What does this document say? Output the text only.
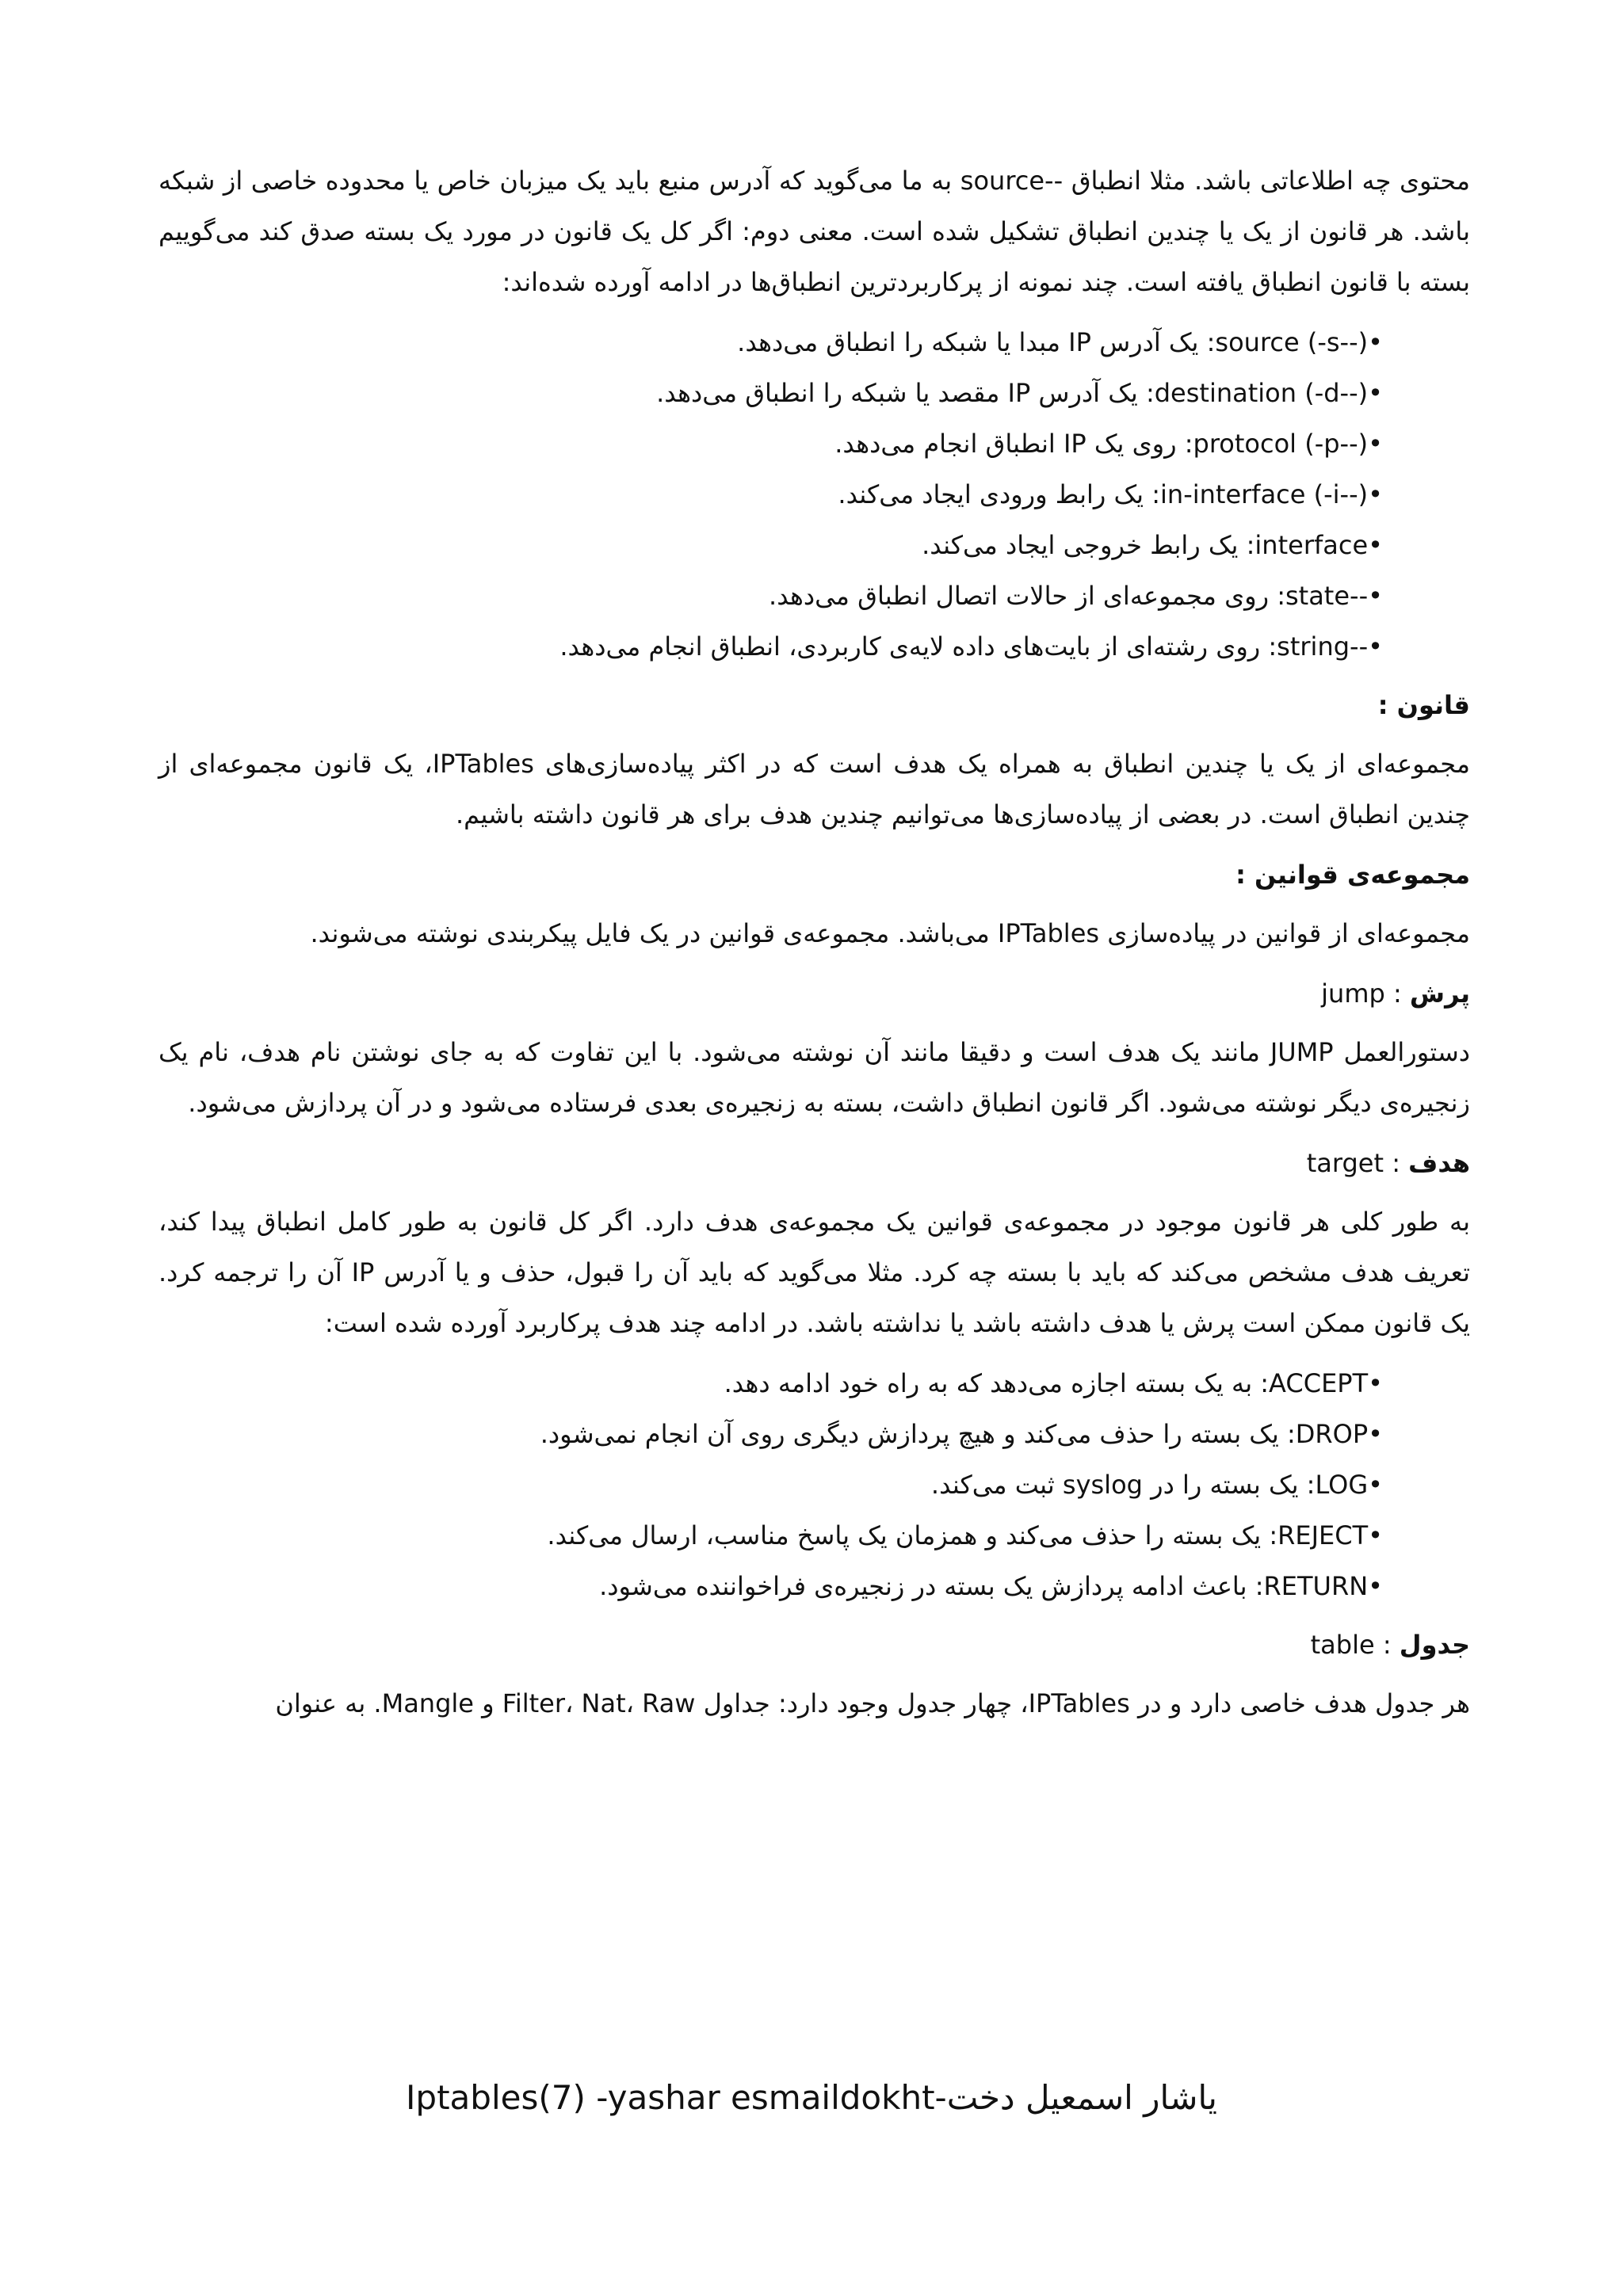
محتوی چه اطلاعاتی باشد. مثلا انطباق --source به ما می‌گوید که آدرس منبع باید یک میزبان خاص یا محدوده خاصی از شبکه باشد. هر قانون از یک یا چندین انطباق تشکیل شده است. معنی دوم: اگر کل یک قانون در مورد یک بسته صدق کند می‌گوییم بسته با قانون انطباق یافته است. چند نمونه از پرکاربردترین انطباق‌ها در ادامه آورده شده‌اند:

•(--s-) source: یک آدرس IP مبدا یا شبکه را انطباق می‌دهد.
•(--d-) destination: یک آدرس IP مقصد یا شبکه را انطباق می‌دهد.
•(--p-) protocol: روی یک IP انطباق انجام می‌دهد.
•(--i-) in-interface: یک رابط ورودی ایجاد می‌کند.
•interface: یک رابط خروجی ایجاد می‌کند.
•--state: روی مجموعه‌ای از حالات اتصال انطباق می‌دهد.
•--string: روی رشته‌ای از بایت‌های داده لایه‌ی کاربردی، انطباق انجام می‌دهد.
قانون :

مجموعه‌ای از یک یا چندین انطباق به همراه یک هدف است که در اکثر پیاده‌سازی‌های IPTables، یک قانون مجموعه‌ای از چندین انطباق است. در بعضی از پیاده‌سازی‌ها می‌توانیم چندین هدف برای هر قانون داشته باشیم.

مجموعه‌ی قوانین :

مجموعه‌ای از قوانین در پیاده‌سازی IPTables می‌باشد. مجموعه‌ی قوانین در یک فایل پیکربندی نوشته می‌شوند.

پرش : jump

دستورالعمل JUMP مانند یک هدف است و دقیقا مانند آن نوشته می‌شود. با این تفاوت که به جای نوشتن نام هدف، نام یک زنجیره‌ی دیگر نوشته می‌شود. اگر قانون انطباق داشت، بسته به زنجیره‌ی بعدی فرستاده می‌شود و در آن پردازش می‌شود.

هدف : target

به طور کلی هر قانون موجود در مجموعه‌ی قوانین یک مجموعه‌ی هدف دارد. اگر کل قانون به طور کامل انطباق پیدا کند، تعریف هدف مشخص می‌کند که باید با بسته چه کرد. مثلا می‌گوید که باید آن را قبول، حذف و یا آدرس IP آن را ترجمه کرد. یک قانون ممکن است پرش یا هدف داشته باشد یا نداشته باشد. در ادامه چند هدف پرکاربرد آورده شده است:

•ACCEPT: به یک بسته اجازه می‌دهد که به راه خود ادامه دهد.
•DROP: یک بسته را حذف می‌کند و هیچ پردازش دیگری روی آن انجام نمی‌شود.
•LOG: یک بسته را در syslog ثبت می‌کند.
•REJECT: یک بسته را حذف می‌کند و همزمان یک پاسخ مناسب، ارسال می‌کند.
•RETURN: باعث ادامه پردازش یک بسته در زنجیره‌ی فراخواننده می‌شود.
جدول : table

هر جدول هدف خاصی دارد و در IPTables، چهار جدول وجود دارد: جداول Filter، Nat، Raw و Mangle. به عنوان

Iptables(7) -yashar esmaildokht-یاشار اسمعیل دخت
